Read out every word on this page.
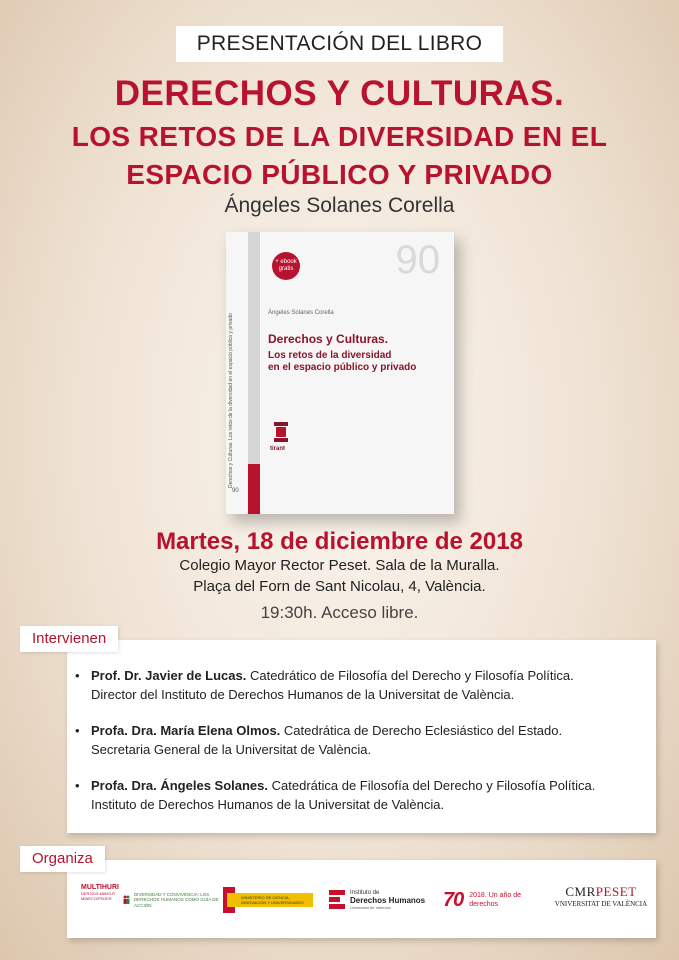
PRESENTACIÓN DEL LIBRO
DERECHOS Y CULTURAS.
LOS RETOS DE LA DIVERSIDAD EN EL
ESPACIO PÚBLICO Y PRIVADO
Ángeles Solanes Corella
90
+ ebook gratis
Derechos y Culturas. Los retos de la diversidad en el espacio público y privado
Ángeles Solanes Corella
Derechos y Culturas.
Los retos de la diversidad
en el espacio público y privado
tirant
90
Martes, 18 de diciembre de 2018
Colegio Mayor Rector Peset. Sala de la Muralla.
Plaça del Forn de Sant Nicolau, 4, València.
19:30h. Acceso libre.
• Prof. Dr. Javier de Lucas. Catedrático de Filosofía del Derecho y Filosofía Política.
Director del Instituto de Derechos Humanos de la Universitat de València.
• Profa. Dra. María Elena Olmos. Catedrática de Derecho Eclesiástico del Estado.
Secretaria General de la Universitat de València.
• Profa. Dra. Ángeles Solanes. Catedrática de Filosofía del Derecho y Filosofía Política.
Instituto de Derechos Humanos de la Universitat de València.
Intervienen
MULTIHURI
DER2015-65840-R MINECO/FEDER
DIVERSIDAD Y CONVIVENCIA: LOS DERECHOS HUMANOS COMO GUÍA DE ACCIÓN
MINISTERIO DE CIENCIA, INNOVACIÓN Y UNIVERSIDADES
Instituto de
Derechos Humanos
Universitat de València	70 2018. Un año de
derechos
CMRPESET
VNIVERSITAT DE VALÈNCIA
Organiza
